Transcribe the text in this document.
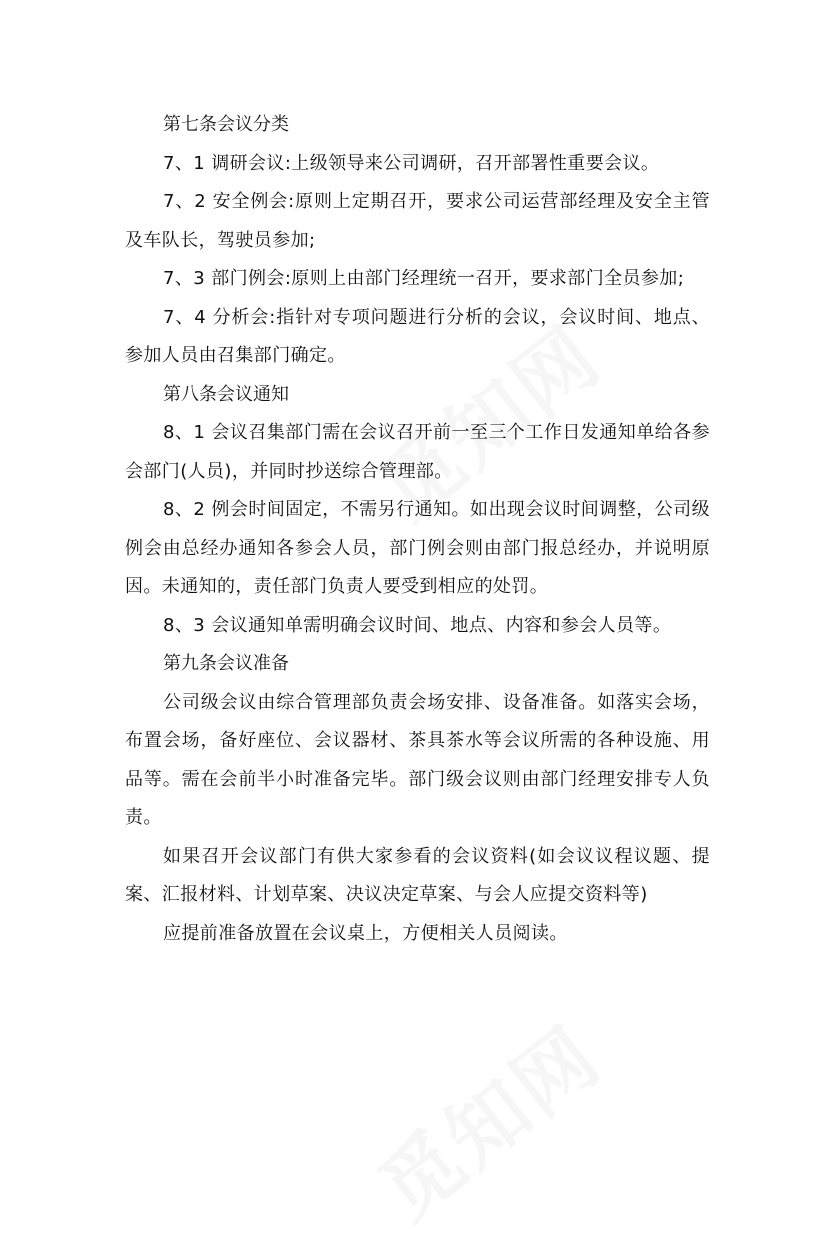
第七条会议分类

7、1 调研会议:上级领导来公司调研，召开部署性重要会议。

7、2 安全例会:原则上定期召开，要求公司运营部经理及安全主管及车队长，驾驶员参加;

7、3 部门例会:原则上由部门经理统一召开，要求部门全员参加;

7、4 分析会:指针对专项问题进行分析的会议，会议时间、地点、参加人员由召集部门确定。

第八条会议通知

8、1 会议召集部门需在会议召开前一至三个工作日发通知单给各参会部门(人员)，并同时抄送综合管理部。

8、2 例会时间固定，不需另行通知。如出现会议时间调整，公司级例会由总经办通知各参会人员，部门例会则由部门报总经办，并说明原因。未通知的，责任部门负责人要受到相应的处罚。

8、3 会议通知单需明确会议时间、地点、内容和参会人员等。

第九条会议准备

公司级会议由综合管理部负责会场安排、设备准备。如落实会场，布置会场，备好座位、会议器材、茶具茶水等会议所需的各种设施、用品等。需在会前半小时准备完毕。部门级会议则由部门经理安排专人负责。

如果召开会议部门有供大家参看的会议资料(如会议议程议题、提案、汇报材料、计划草案、决议决定草案、与会人应提交资料等)

应提前准备放置在会议桌上，方便相关人员阅读。
